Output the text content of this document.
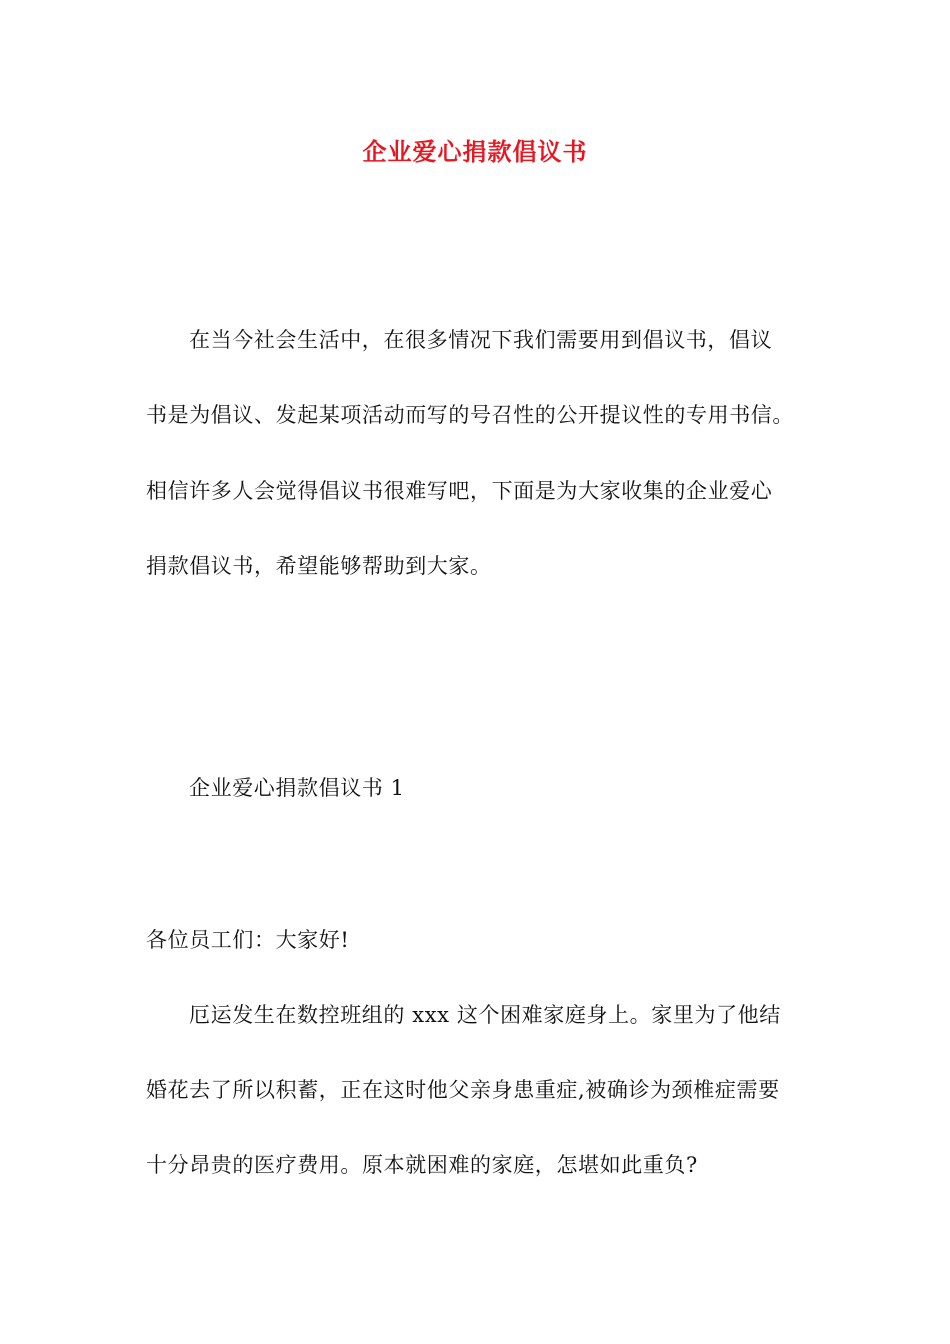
企业爱心捐款倡议书
在当今社会生活中，在很多情况下我们需要用到倡议书，倡议
书是为倡议、发起某项活动而写的号召性的公开提议性的专用书信。
相信许多人会觉得倡议书很难写吧，下面是为大家收集的企业爱心
捐款倡议书，希望能够帮助到大家。
企业爱心捐款倡议书 1
各位员工们：大家好!
厄运发生在数控班组的 xxx 这个困难家庭身上。家里为了他结
婚花去了所以积蓄，正在这时他父亲身患重症,被确诊为颈椎症需要
十分昂贵的医疗费用。原本就困难的家庭，怎堪如此重负?
